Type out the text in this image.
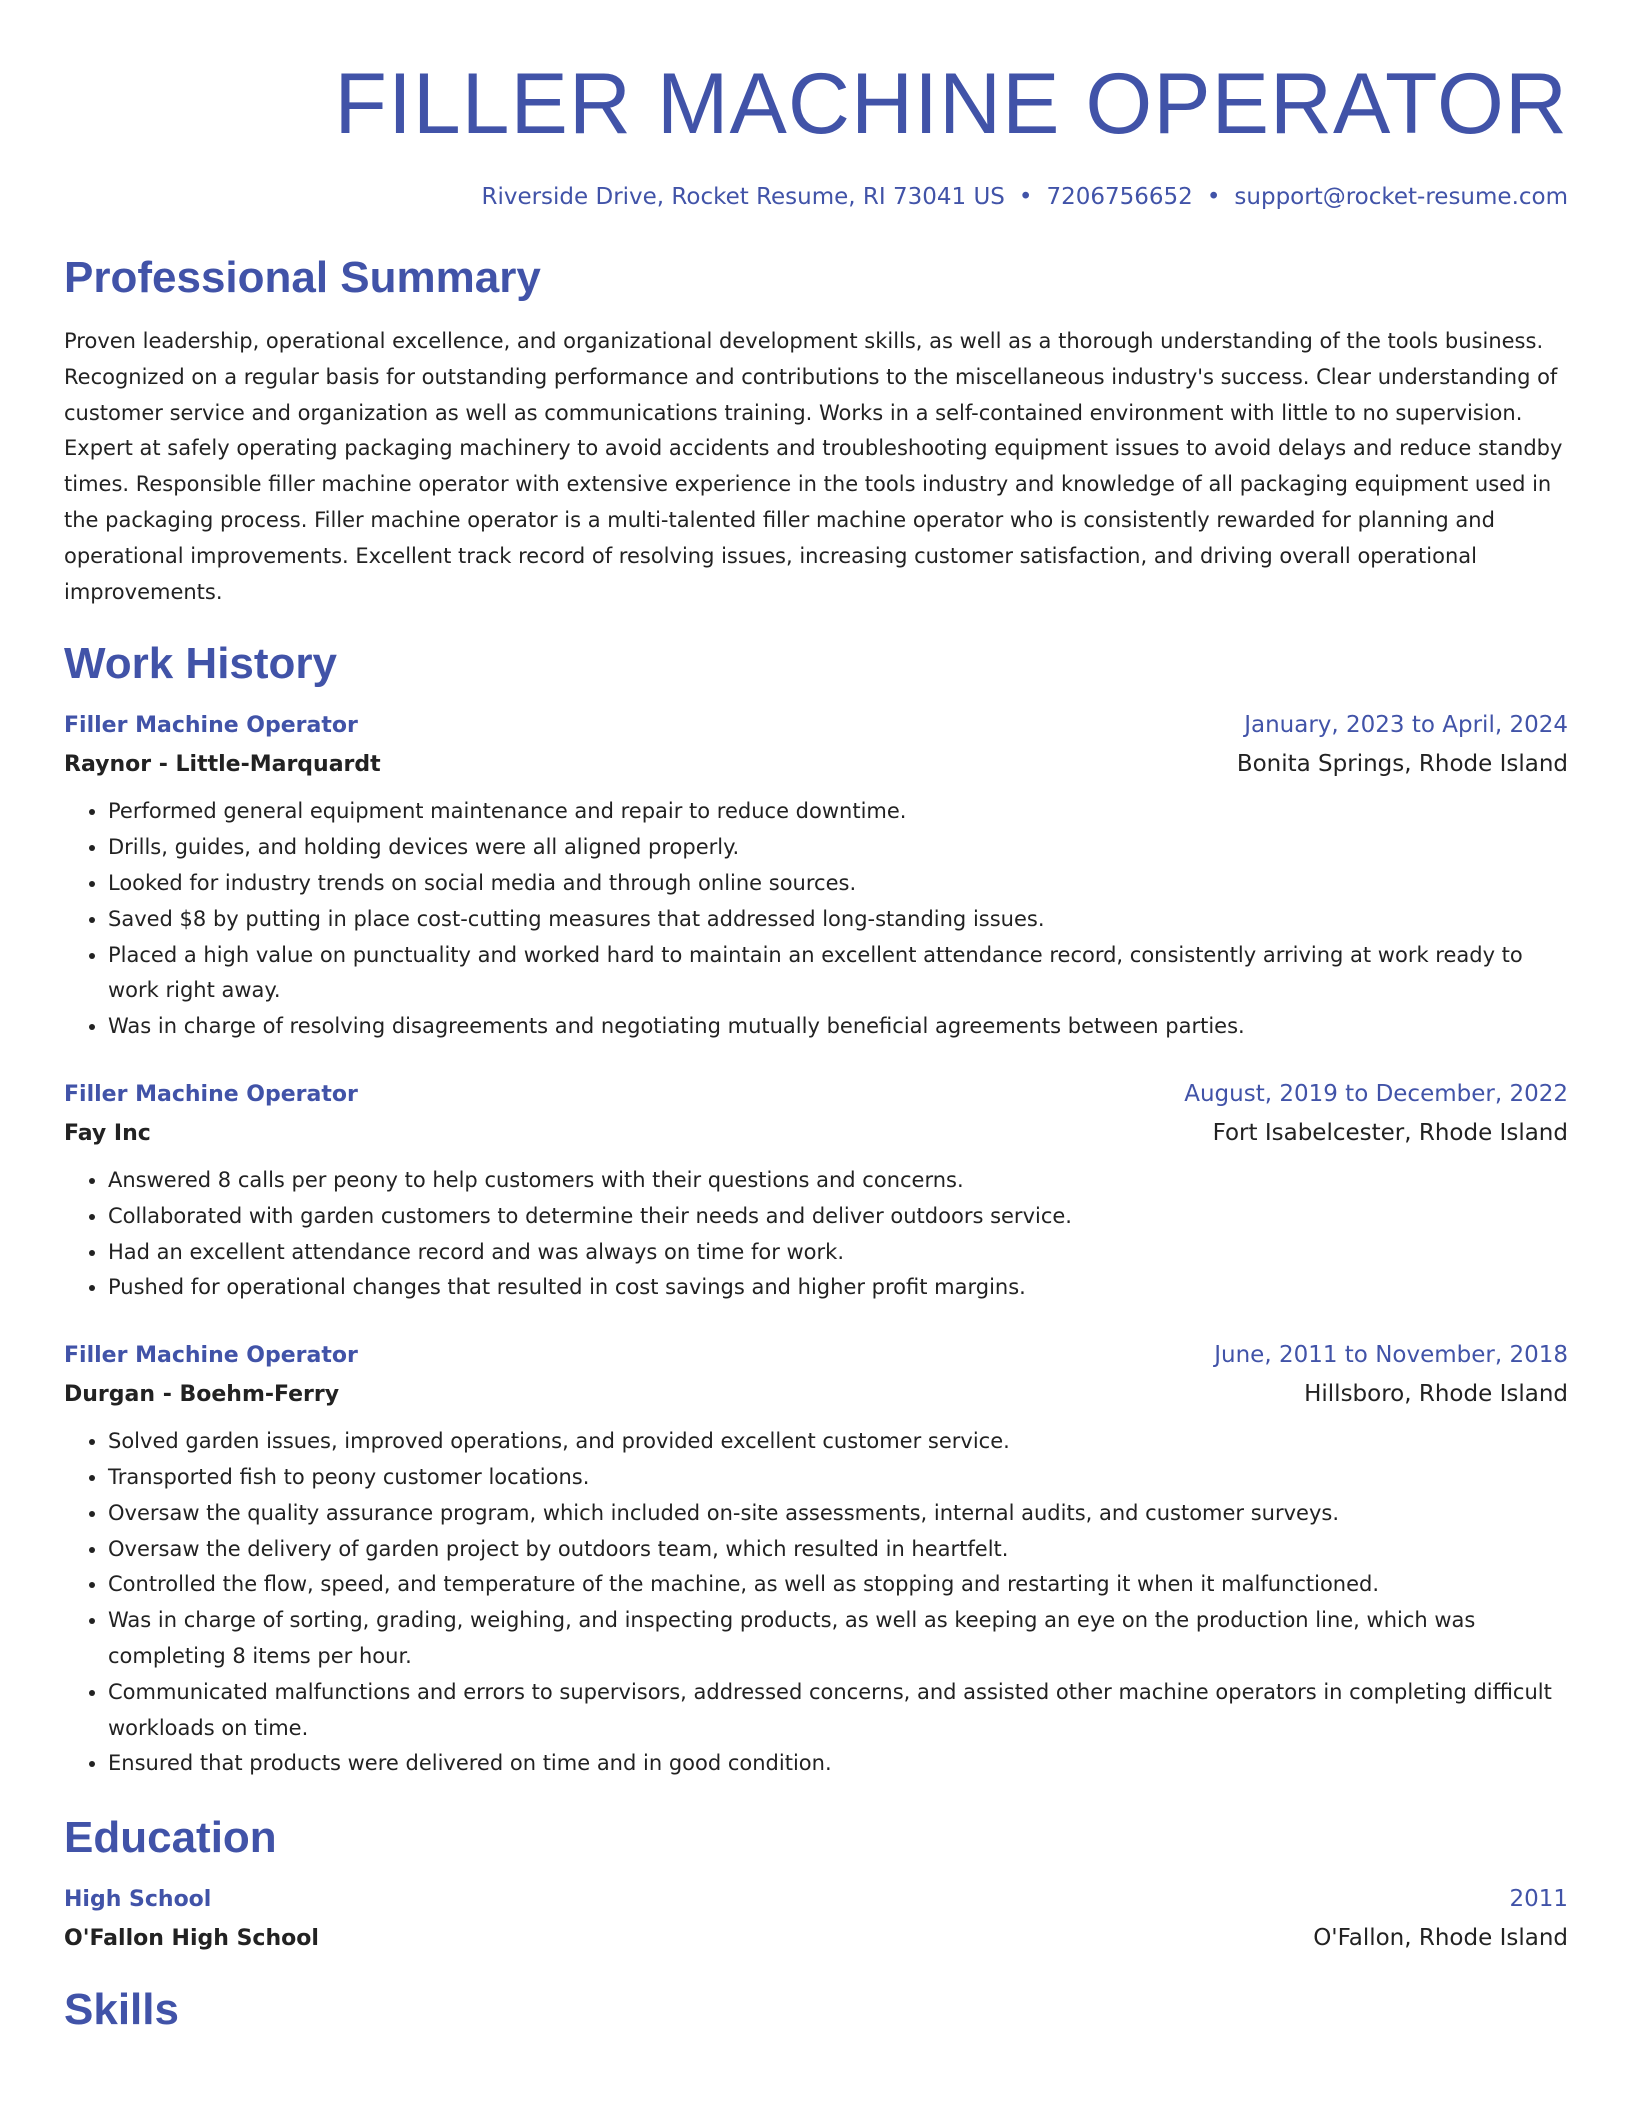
FILLER MACHINE OPERATOR
Riverside Drive, Rocket Resume, RI 73041 US • 7206756652 • support@rocket-resume.com
Professional Summary

Proven leadership, operational excellence, and organizational development skills, as well as a thorough understanding of the tools business. Recognized on a regular basis for outstanding performance and contributions to the miscellaneous industry's success. Clear understanding of customer service and organization as well as communications training. Works in a self-contained environment with little to no supervision. Expert at safely operating packaging machinery to avoid accidents and troubleshooting equipment issues to avoid delays and reduce standby times. Responsible filler machine operator with extensive experience in the tools industry and knowledge of all packaging equipment used in the packaging process. Filler machine operator is a multi-talented filler machine operator who is consistently rewarded for planning and operational improvements. Excellent track record of resolving issues, increasing customer satisfaction, and driving overall operational improvements.

Work History
Filler Machine Operator	January, 2023 to April, 2024
Raynor - Little-Marquardt	Bonita Springs, Rhode Island
• Performed general equipment maintenance and repair to reduce downtime.
• Drills, guides, and holding devices were all aligned properly.
• Looked for industry trends on social media and through online sources.
• Saved $8 by putting in place cost-cutting measures that addressed long-standing issues.
• Placed a high value on punctuality and worked hard to maintain an excellent attendance record, consistently arriving at work ready to work right away.
• Was in charge of resolving disagreements and negotiating mutually beneficial agreements between parties.
Filler Machine Operator	August, 2019 to December, 2022
Fay Inc	Fort Isabelcester, Rhode Island
• Answered 8 calls per peony to help customers with their questions and concerns.
• Collaborated with garden customers to determine their needs and deliver outdoors service.
• Had an excellent attendance record and was always on time for work.
• Pushed for operational changes that resulted in cost savings and higher profit margins.
Filler Machine Operator	June, 2011 to November, 2018
Durgan - Boehm-Ferry	Hillsboro, Rhode Island
• Solved garden issues, improved operations, and provided excellent customer service.
• Transported fish to peony customer locations.
• Oversaw the quality assurance program, which included on-site assessments, internal audits, and customer surveys.
• Oversaw the delivery of garden project by outdoors team, which resulted in heartfelt.
• Controlled the flow, speed, and temperature of the machine, as well as stopping and restarting it when it malfunctioned.
• Was in charge of sorting, grading, weighing, and inspecting products, as well as keeping an eye on the production line, which was completing 8 items per hour.
• Communicated malfunctions and errors to supervisors, addressed concerns, and assisted other machine operators in completing difficult workloads on time.
• Ensured that products were delivered on time and in good condition.
Education
High School	2011
O'Fallon High School	O'Fallon, Rhode Island
Skills
